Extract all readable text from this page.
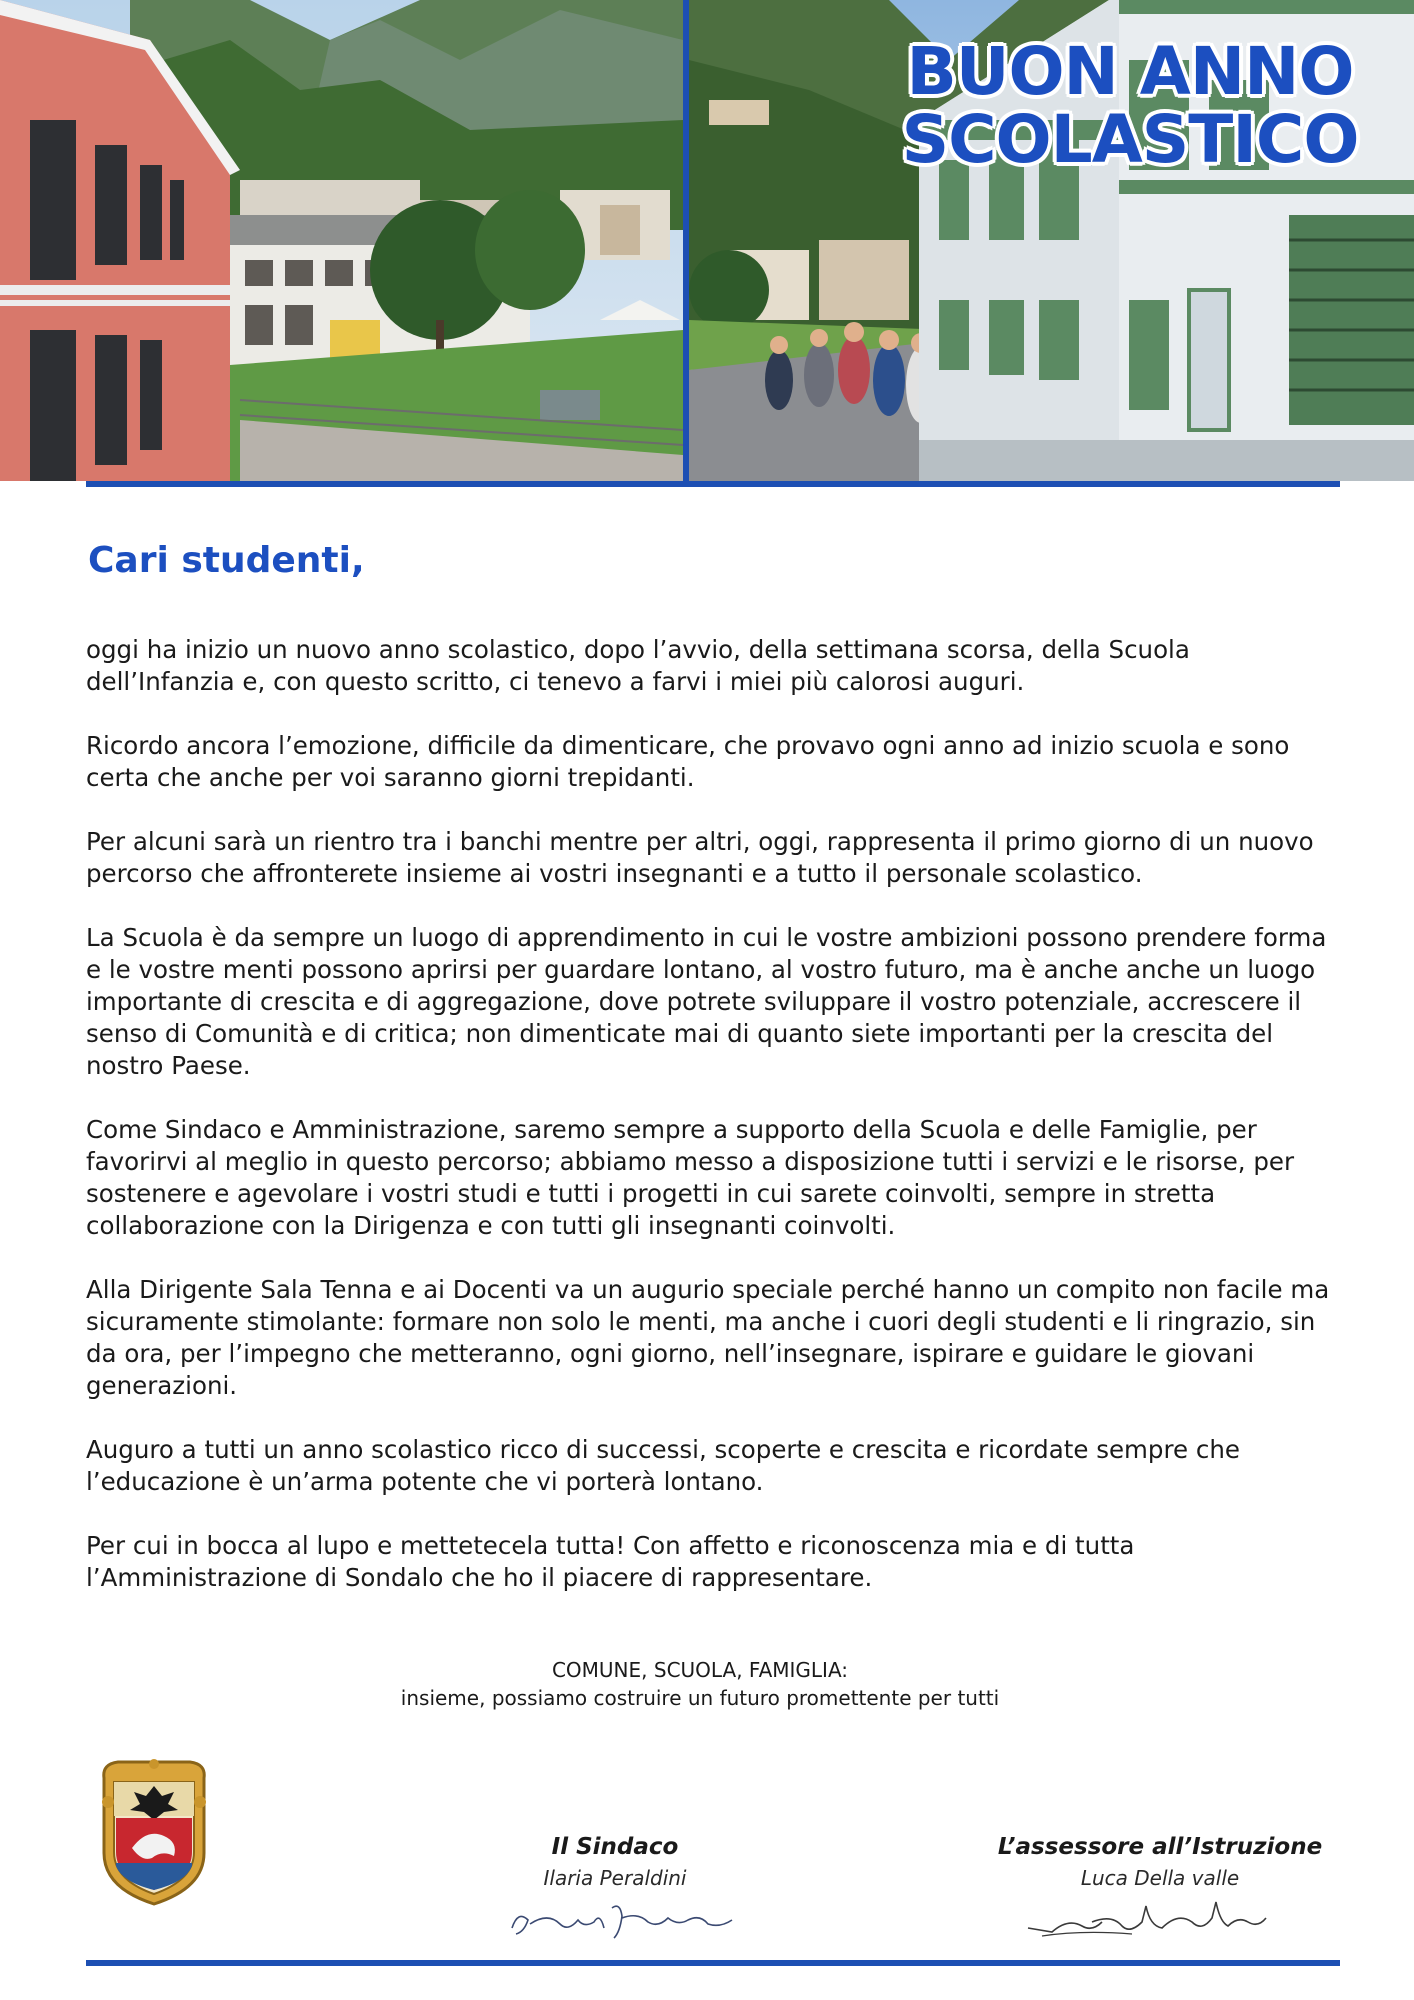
BUON ANNO
SCOLASTICO
Cari studenti,

oggi ha inizio un nuovo anno scolastico, dopo l’avvio, della settimana scorsa, della Scuola dell’Infanzia e, con questo scritto, ci tenevo a farvi i miei più calorosi auguri.

Ricordo ancora l’emozione, difficile da dimenticare, che provavo ogni anno ad inizio scuola e sono certa che anche per voi saranno giorni trepidanti.

Per alcuni sarà un rientro tra i banchi mentre per altri, oggi, rappresenta il primo giorno di un nuovo percorso che affronterete insieme ai vostri insegnanti e a tutto il personale scolastico.

La Scuola è da sempre un luogo di apprendimento in cui le vostre ambizioni possono prendere forma e le vostre menti possono aprirsi per guardare lontano, al vostro futuro, ma è anche anche un luogo importante di crescita e di aggregazione, dove potrete sviluppare il vostro potenziale, accrescere il senso di Comunità e di critica; non dimenticate mai di quanto siete importanti per la crescita del nostro Paese.

Come Sindaco e Amministrazione, saremo sempre a supporto della Scuola e delle Famiglie, per favorirvi al meglio in questo percorso; abbiamo messo a disposizione tutti i servizi e le risorse, per sostenere e agevolare i vostri studi e tutti i progetti in cui sarete coinvolti, sempre in stretta collaborazione con la Dirigenza e con tutti gli insegnanti coinvolti.

Alla Dirigente Sala Tenna e ai Docenti va un augurio speciale perché hanno un compito non facile ma sicuramente stimolante: formare non solo le menti, ma anche i cuori degli studenti e li ringrazio, sin da ora, per l’impegno che metteranno, ogni giorno, nell’insegnare, ispirare e guidare le giovani generazioni.

Auguro a tutti un anno scolastico ricco di successi, scoperte e crescita e ricordate sempre che l’educazione è un’arma potente che vi porterà lontano.

Per cui in bocca al lupo e mettetecela tutta! Con affetto e riconoscenza mia e di tutta l’Amministrazione di Sondalo che ho il piacere di rappresentare.

COMUNE, SCUOLA, FAMIGLIA:
insieme, possiamo costruire un futuro promettente per tutti
Il Sindaco
Ilaria Peraldini
L’assessore all’Istruzione
Luca Della valle
